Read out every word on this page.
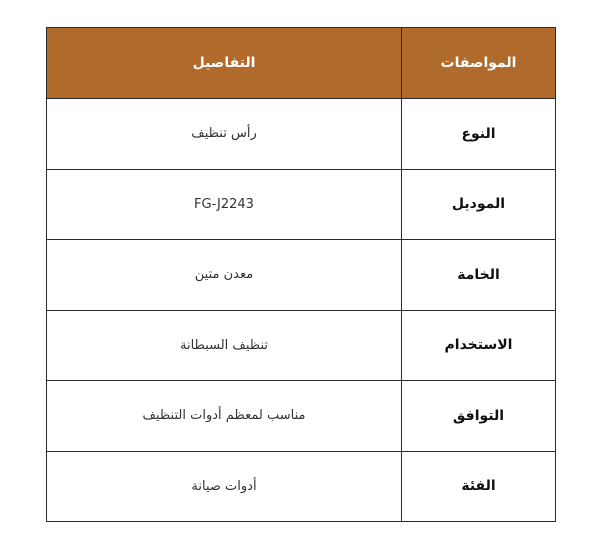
المواصفات	التفاصيل
النوع	رأس تنظيف
الموديل	FG-J2243
الخامة	معدن متين
الاستخدام	تنظيف السبطانة
التوافق	مناسب لمعظم أدوات التنظيف
الفئة	أدوات صيانة
